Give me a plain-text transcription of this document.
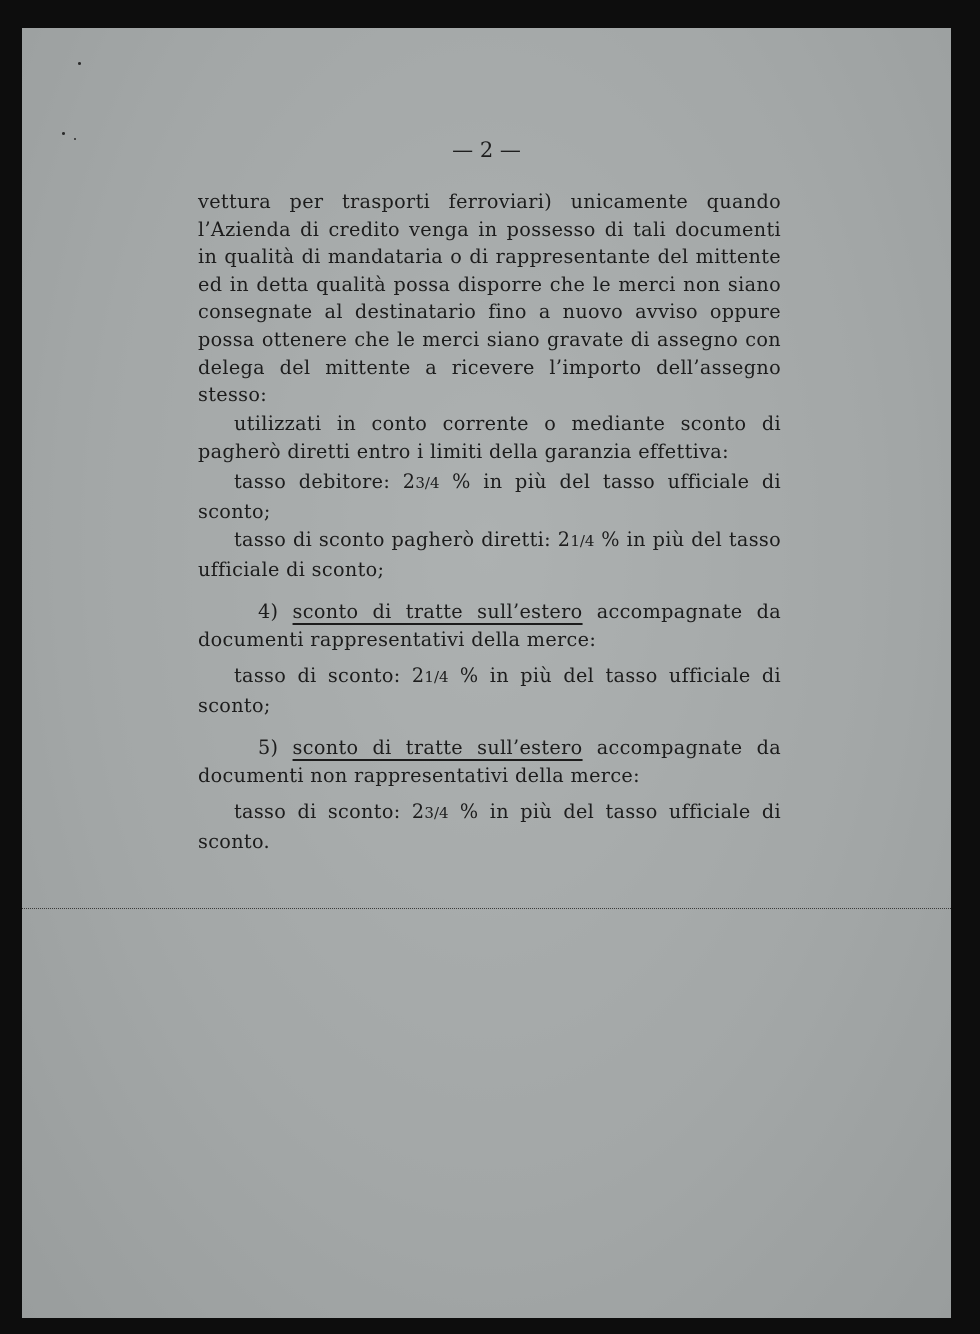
— 2 —

vettura per trasporti ferroviari) unicamente quando l’Azienda di credito venga in possesso di tali documenti in qualità di mandataria o di rappresentante del mittente ed in detta qualità possa disporre che le merci non siano consegnate al destinatario fino a nuovo avviso oppure possa ottenere che le merci siano gravate di assegno con delega del mittente a ricevere l’importo dell’assegno stesso:

utilizzati in conto corrente o mediante sconto di pagherò diretti entro i limiti della garanzia effettiva:

tasso debitore: 23/4 % in più del tasso ufficiale di sconto;

tasso di sconto pagherò diretti: 21/4 % in più del tasso ufficiale di sconto;

4) sconto di tratte sull’estero accompagnate da documenti rappresentativi della merce:

tasso di sconto: 21/4 % in più del tasso ufficiale di sconto;

5) sconto di tratte sull’estero accompagnate da documenti non rappresentativi della merce:

tasso di sconto: 23/4 % in più del tasso ufficiale di sconto.
